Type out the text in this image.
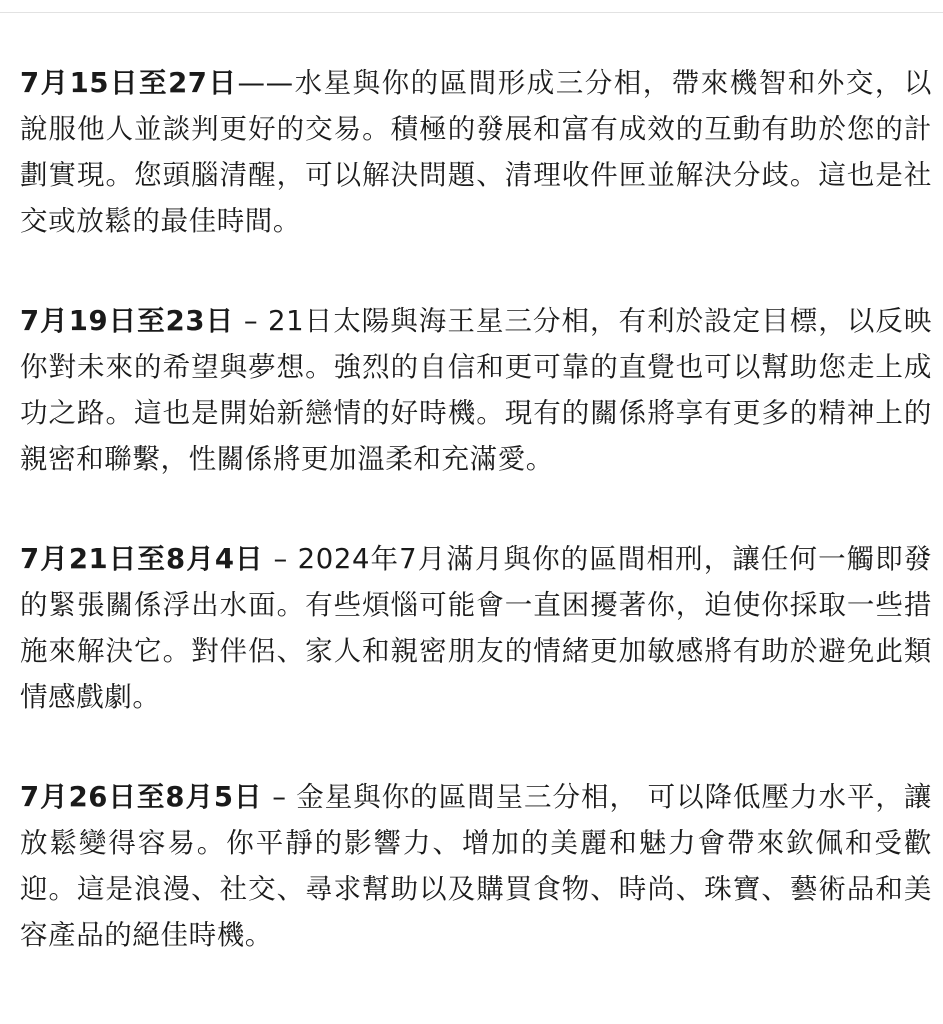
7月15日至27日——水星與你的區間形成三分相，帶來機智和外交，以說服他人並談判更好的交易。積極的發展和富有成效的互動有助於您的計劃實現。您頭腦清醒，可以解決問題、清理收件匣並解決分歧。這也是社交或放鬆的最佳時間。

7月19日至23日 – 21日太陽與海王星三分相，有利於設定目標，以反映你對未來的希望與夢想。強烈的自信和更可靠的直覺也可以幫助您走上成功之路。這也是開始新戀情的好時機。現有的關係將享有更多的精神上的親密和聯繫，性關係將更加溫柔和充滿愛。

7月21日至8月4日 – 2024年7月滿月與你的區間相刑，讓任何一觸即發的緊張關係浮出水面。有些煩惱可能會一直困擾著你，迫使你採取一些措施來解決它。對伴侶、家人和親密朋友的情緒更加敏感將有助於避免此類情感戲劇。

7月26日至8月5日 – 金星與你的區間呈三分相， 可以降低壓力水平，讓放鬆變得容易。你平靜的影響力、增加的美麗和魅力會帶來欽佩和受歡迎。這是浪漫、社交、尋求幫助以及購買食物、時尚、珠寶、藝術品和美容產品的絕佳時機。
